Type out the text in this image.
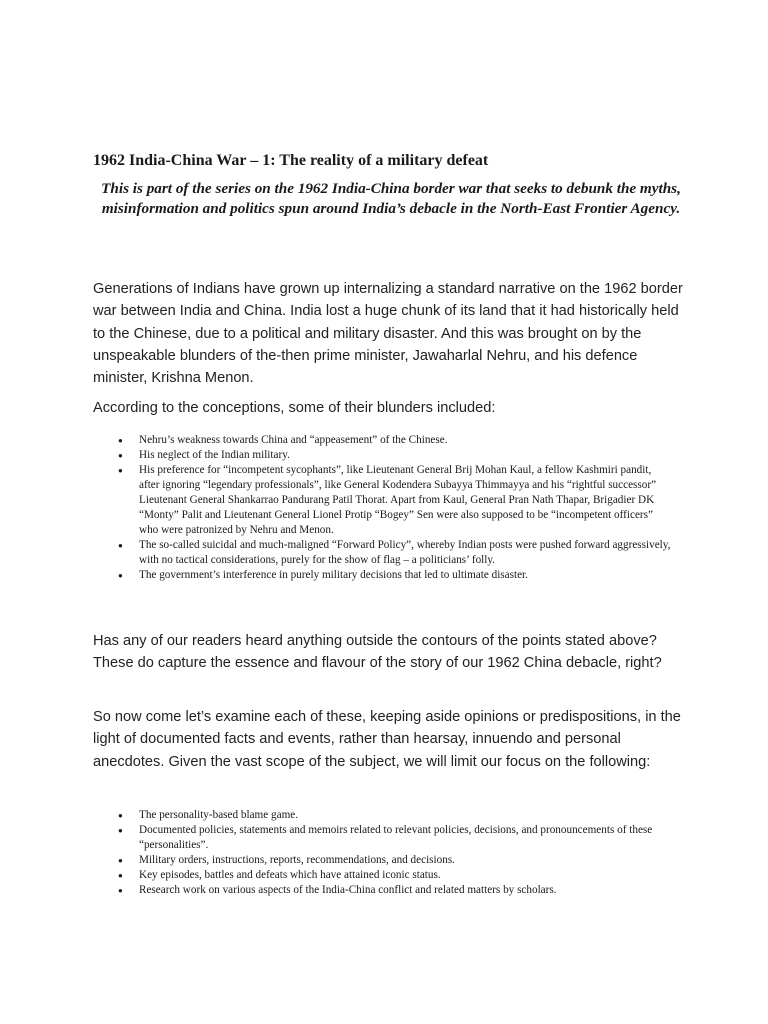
1962 India-China War – 1: The reality of a military defeat

This is part of the series on the 1962 India-China border war that seeks to debunk the myths, misinformation and politics spun around India’s debacle in the North-East Frontier Agency.

Generations of Indians have grown up internalizing a standard narrative on the 1962 border war between India and China. India lost a huge chunk of its land that it had historically held to the Chinese, due to a political and military disaster. And this was brought on by the unspeakable blunders of the-then prime minister, Jawaharlal Nehru, and his defence minister, Krishna Menon.

According to the conceptions, some of their blunders included:

● Nehru’s weakness towards China and “appeasement” of the Chinese.
● His neglect of the Indian military.
● His preference for “incompetent sycophants”, like Lieutenant General Brij Mohan Kaul, a fellow Kashmiri pandit, after ignoring “legendary professionals”, like General Kodendera Subayya Thimmayya and his “rightful successor” Lieutenant General Shankarrao Pandurang Patil Thorat. Apart from Kaul, General Pran Nath Thapar, Brigadier DK “Monty” Palit and Lieutenant General Lionel Protip “Bogey” Sen were also supposed to be “incompetent officers” who were patronized by Nehru and Menon.
● The so-called suicidal and much-maligned “Forward Policy”, whereby Indian posts were pushed forward aggressively, with no tactical considerations, purely for the show of flag – a politicians’ folly.
● The government’s interference in purely military decisions that led to ultimate disaster.

Has any of our readers heard anything outside the contours of the points stated above? These do capture the essence and flavour of the story of our 1962 China debacle, right?

So now come let’s examine each of these, keeping aside opinions or predispositions, in the light of documented facts and events, rather than hearsay, innuendo and personal anecdotes. Given the vast scope of the subject, we will limit our focus on the following:

● The personality-based blame game.
● Documented policies, statements and memoirs related to relevant policies, decisions, and pronouncements of these “personalities”.
● Military orders, instructions, reports, recommendations, and decisions.
● Key episodes, battles and defeats which have attained iconic status.
● Research work on various aspects of the India-China conflict and related matters by scholars.
